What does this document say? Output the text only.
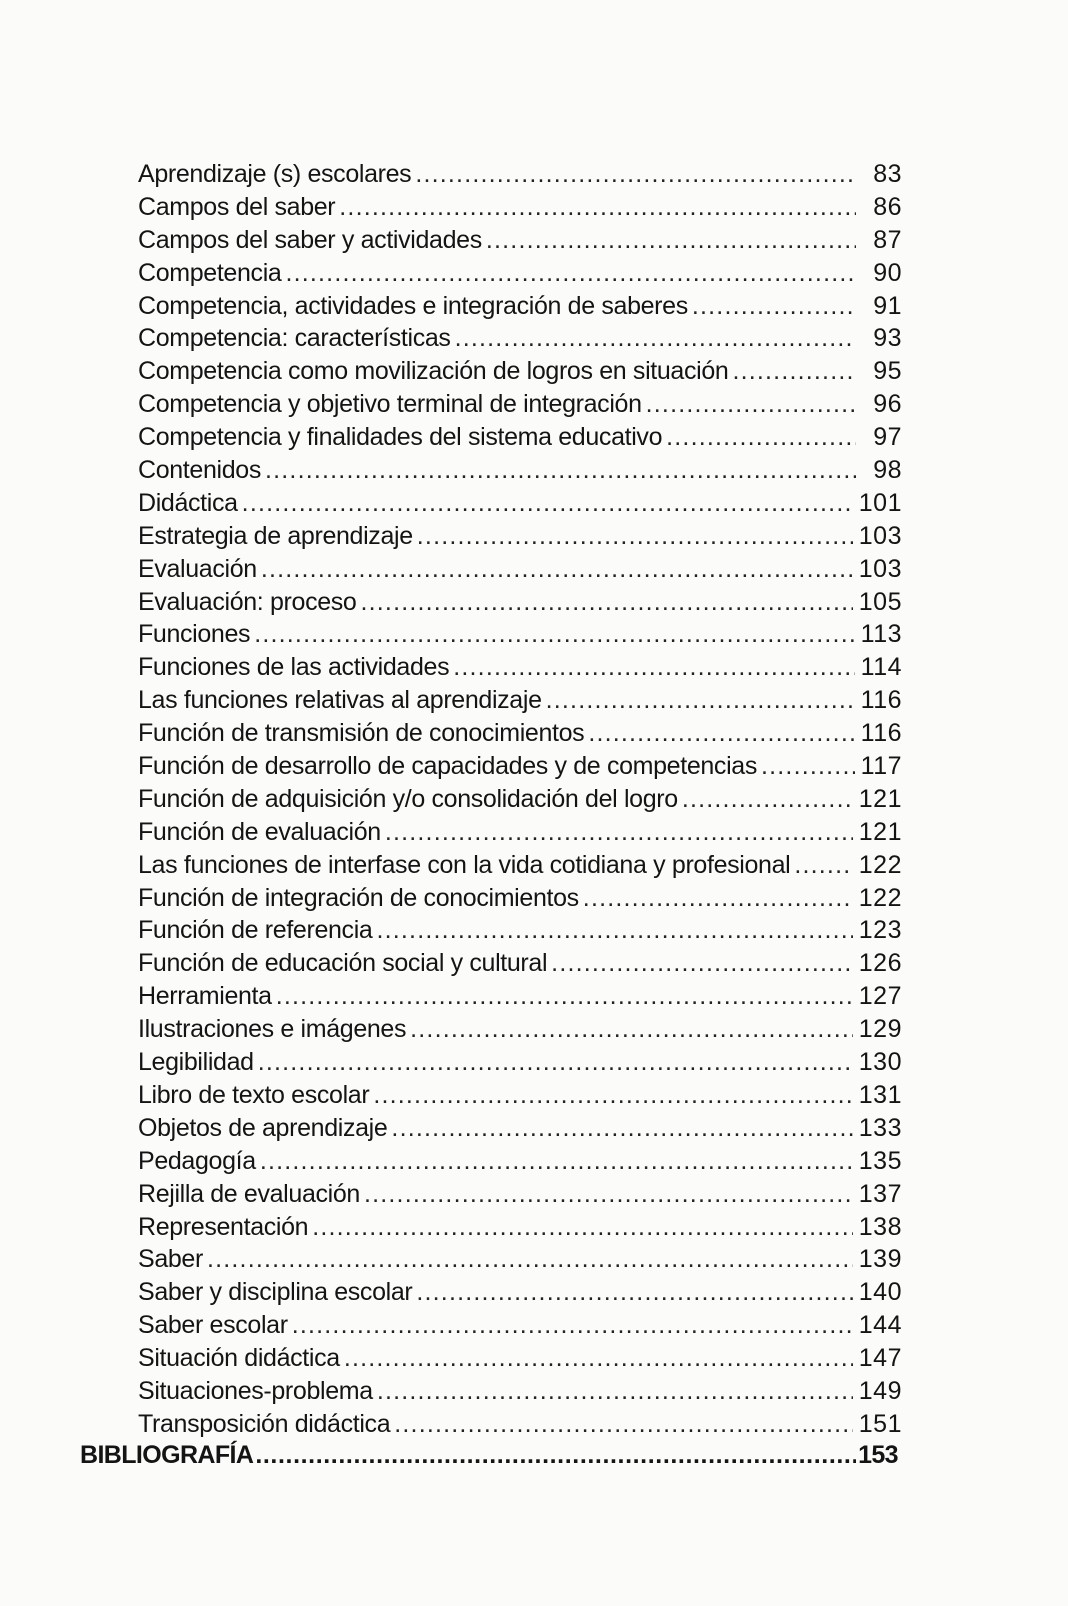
Aprendizaje (s) escolares .....	83
Campos del saber .....	86
Campos del saber y actividades .....	87
Competencia .....	90
Competencia, actividades e integración de saberes .....	91
Competencia: características .....	93
Competencia como movilización de logros en situación .....	95
Competencia y objetivo terminal de integración .....	96
Competencia y finalidades del sistema educativo .....	97
Contenidos .....	98
Didáctica .....	101
Estrategia de aprendizaje .....	103
Evaluación .....	103
Evaluación: proceso .....	105
Funciones .....	113
Funciones de las actividades .....	114
Las funciones relativas al aprendizaje .....	116
Función de transmisión de conocimientos .....	116
Función de desarrollo de capacidades y de competencias .....	117
Función de adquisición y/o consolidación del logro .....	121
Función de evaluación .....	121
Las funciones de interfase con la vida cotidiana y profesional .....	122
Función de integración de conocimientos .....	122
Función de referencia .....	123
Función de educación social y cultural .....	126
Herramienta .....	127
Ilustraciones e imágenes .....	129
Legibilidad .....	130
Libro de texto escolar .....	131
Objetos de aprendizaje .....	133
Pedagogía .....	135
Rejilla de evaluación .....	137
Representación .....	138
Saber .....	139
Saber y disciplina escolar .....	140
Saber escolar .....	144
Situación didáctica .....	147
Situaciones-problema .....	149
Transposición didáctica .....	151
BIBLIOGRAFÍA .....	153
